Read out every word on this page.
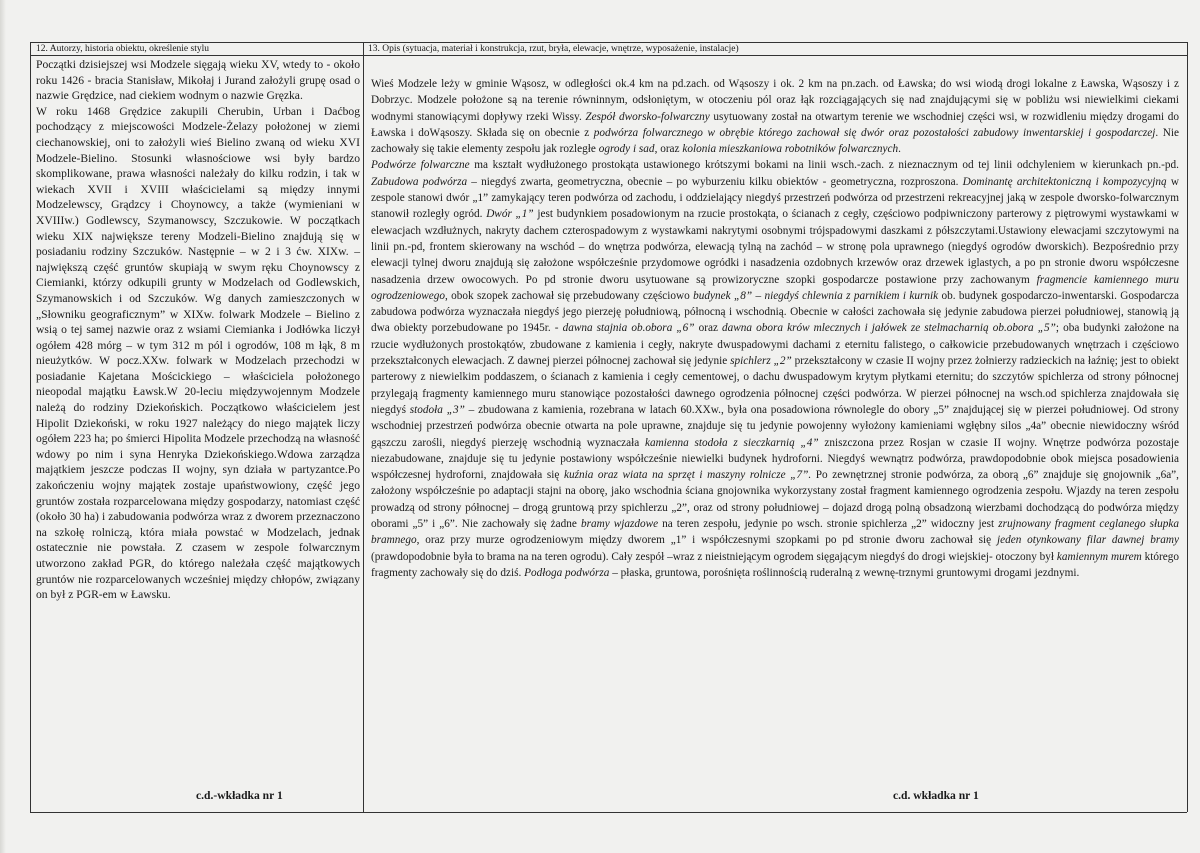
12. Autorzy, historia obiektu, określenie stylu	13. Opis (sytuacja, materiał i konstrukcja, rzut, bryła, elewacje, wnętrze, wyposażenie, instalacje)

Początki dzisiejszej wsi Modzele sięgają wieku XV, wtedy to - około roku 1426 - bracia Stanisław, Mikołaj i Jurand założyli grupę osad o nazwie Grędzice, nad ciekiem wodnym o nazwie Gręzka.

W roku 1468 Grędzice zakupili Cherubin, Urban i Daćbog pochodzący z miejscowości Modzele-Żelazy położonej w ziemi ciechanowskiej, oni to założyli wieś Bielino zwaną od wieku XVI Modzele-Bielino. Stosunki własnościowe wsi były bardzo skomplikowane, prawa własności należały do kilku rodzin, i tak w wiekach XVII i XVIII właścicielami są między innymi Modzelewscy, Grądzcy i Choynowcy, a także (wymieniani w XVIIIw.) Godlewscy, Szymanowscy, Szczukowie. W początkach wieku XIX największe tereny Modzeli-Bielino znajdują się w posiadaniu rodziny Szczuków. Następnie – w 2 i 3 ćw. XIXw. – największą część gruntów skupiają w swym ręku Choynowscy z Ciemianki, którzy odkupili grunty w Modzelach od Godlewskich, Szymanowskich i od Szczuków. Wg danych zamieszczonych w „Słowniku geograficznym” w XIXw. folwark Modzele – Bielino z wsią o tej samej nazwie oraz z wsiami Ciemianka i Jodłówka liczył ogółem 428 mórg – w tym 312 m pól i ogrodów, 108 m łąk, 8 m nieużytków. W pocz.XXw. folwark w Modzelach przechodzi w posiadanie Kajetana Mościckiego – właściciela położonego nieopodal majątku Ławsk.W 20-leciu międzywojennym Modzele należą do rodziny Dziekońskich. Początkowo właścicielem jest Hipolit Dziekoński, w roku 1927 należący do niego majątek liczy ogółem 223 ha; po śmierci Hipolita Modzele przechodzą na własność wdowy po nim i syna Henryka Dziekońskiego.Wdowa zarządza majątkiem jeszcze podczas II wojny, syn działa w partyzantce.Po zakończeniu wojny majątek zostaje upaństwowiony, część jego gruntów została rozparcelowana między gospodarzy, natomiast część (około 30 ha) i zabudowania podwórza wraz z dworem przeznaczono na szkołę rolniczą, która miała powstać w Modzelach, jednak ostatecznie nie powstała. Z czasem w zespole folwarcznym utworzono zakład PGR, do którego należała część majątkowych gruntów nie rozparcelowanych wcześniej między chłopów, związany on był z PGR-em w Ławsku.

c.d.-wkładka nr 1

Wieś Modzele leży w gminie Wąsosz, w odległości ok.4 km na pd.zach. od Wąsoszy i ok. 2 km na pn.zach. od Ławska; do wsi wiodą drogi lokalne z Ławska, Wąsoszy i z Dobrzyc. Modzele położone są na terenie równinnym, odsłoniętym, w otoczeniu pól oraz łąk rozciągających się nad znajdującymi się w pobliżu wsi niewielkimi ciekami wodnymi stanowiącymi dopływy rzeki Wissy. Zespół dworsko-folwarczny usytuowany został na otwartym terenie we wschodniej części wsi, w rozwidleniu między drogami do Ławska i doWąsoszy. Składa się on obecnie z podwórza folwarcznego w obrębie którego zachował się dwór oraz pozostałości zabudowy inwentarskiej i gospodarczej. Nie zachowały się takie elementy zespołu jak rozległe ogrody i sad, oraz kolonia mieszkaniowa robotników folwarcznych.

Podwórze folwarczne ma kształt wydłużonego prostokąta ustawionego krótszymi bokami na linii wsch.-zach. z nieznacznym od tej linii odchyleniem w kierunkach pn.-pd. Zabudowa podwórza – niegdyś zwarta, geometryczna, obecnie – po wyburzeniu kilku obiektów - geometryczna, rozproszona. Dominantę architektoniczną i kompozycyjną w zespole stanowi dwór „1” zamykający teren podwórza od zachodu, i oddzielający niegdyś przestrzeń podwórza od przestrzeni rekreacyjnej jaką w zespole dworsko-folwarcznym stanowił rozległy ogród. Dwór „1” jest budynkiem posadowionym na rzucie prostokąta, o ścianach z cegły, częściowo podpiwniczony parterowy z piętrowymi wystawkami w elewacjach wzdłużnych, nakryty dachem czterospadowym z wystawkami nakrytymi osobnymi trójspadowymi daszkami z półszczytami.Ustawiony elewacjami szczytowymi na linii pn.-pd, frontem skierowany na wschód – do wnętrza podwórza, elewacją tylną na zachód – w stronę pola uprawnego (niegdyś ogrodów dworskich). Bezpośrednio przy elewacji tylnej dworu znajdują się założone współcześnie przydomowe ogródki i nasadzenia ozdobnych krzewów oraz drzewek iglastych, a po pn stronie dworu współczesne nasadzenia drzew owocowych. Po pd stronie dworu usytuowane są prowizoryczne szopki gospodarcze postawione przy zachowanym fragmencie kamiennego muru ogrodzeniowego, obok szopek zachował się przebudowany częściowo budynek „8” – niegdyś chlewnia z parnikiem i kurnik ob. budynek gospodarczo-inwentarski. Gospodarcza zabudowa podwórza wyznaczała niegdyś jego pierzeję południową, północną i wschodnią. Obecnie w całości zachowała się jedynie zabudowa pierzei południowej, stanowią ją dwa obiekty porzebudowane po 1945r. - dawna stajnia ob.obora „6” oraz dawna obora krów mlecznych i jałówek ze stelmacharnią ob.obora „5”; oba budynki założone na rzucie wydłużonych prostokątów, zbudowane z kamienia i cegły, nakryte dwuspadowymi dachami z eternitu falistego, o całkowicie przebudowanych wnętrzach i częściowo przekształconych elewacjach. Z dawnej pierzei północnej zachował się jedynie spichlerz „2” przekształcony w czasie II wojny przez żołnierzy radzieckich na łaźnię; jest to obiekt parterowy z niewielkim poddaszem, o ścianach z kamienia i cegły cementowej, o dachu dwuspadowym krytym płytkami eternitu; do szczytów spichlerza od strony północnej przylegają fragmenty kamiennego muru stanowiące pozostałości dawnego ogrodzenia północnej części podwórza. W pierzei północnej na wsch.od spichlerza znajdowała się niegdyś stodoła „3” – zbudowana z kamienia, rozebrana w latach 60.XXw., była ona posadowiona równolegle do obory „5” znajdującej się w pierzei południowej. Od strony wschodniej przestrzeń podwórza obecnie otwarta na pole uprawne, znajduje się tu jedynie powojenny wyłożony kamieniami wgłębny silos „4a” obecnie niewidoczny wśród gąszczu zarośli, niegdyś pierzeję wschodnią wyznaczała kamienna stodoła z sieczkarnią „4” zniszczona przez Rosjan w czasie II wojny. Wnętrze podwórza pozostaje niezabudowane, znajduje się tu jedynie postawiony współcześnie niewielki budynek hydroforni. Niegdyś wewnątrz podwórza, prawdopodobnie obok miejsca posadowienia współczesnej hydroforni, znajdowała się kuźnia oraz wiata na sprzęt i maszyny rolnicze „7”. Po zewnętrznej stronie podwórza, za oborą „6” znajduje się gnojownik „6a”, założony współcześnie po adaptacji stajni na oborę, jako wschodnia ściana gnojownika wykorzystany został fragment kamiennego ogrodzenia zespołu. Wjazdy na teren zespołu prowadzą od strony północnej – drogą gruntową przy spichlerzu „2”, oraz od strony południowej – dojazd drogą polną obsadzoną wierzbami dochodzącą do podwórza między oborami „5” i „6”. Nie zachowały się żadne bramy wjazdowe na teren zespołu, jedynie po wsch. stronie spichlerza „2” widoczny jest zrujnowany fragment ceglanego słupka bramnego, oraz przy murze ogrodzeniowym między dworem „1” i współczesnymi szopkami po pd stronie dworu zachował się jeden otynkowany filar dawnej bramy (prawdopodobnie była to brama na na teren ogrodu). Cały zespół –wraz z nieistniejącym ogrodem sięgającym niegdyś do drogi wiejskiej- otoczony był kamiennym murem którego fragmenty zachowały się do dziś. Podłoga podwórza – płaska, gruntowa, porośnięta roślinnością ruderalną z wewnę-trznymi gruntowymi drogami jezdnymi.

c.d. wkładka nr 1
